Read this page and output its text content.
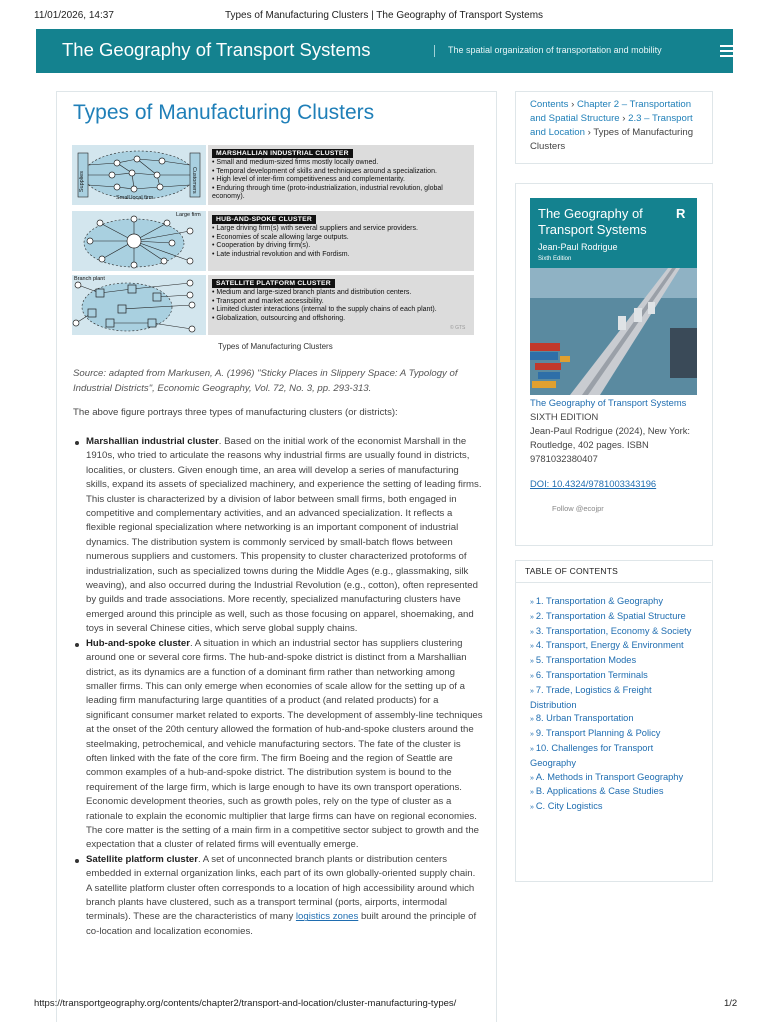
11/01/2026, 14:37	Types of Manufacturing Clusters | The Geography of Transport Systems
The Geography of Transport Systems	The spatial organization of transportation and mobility
Types of Manufacturing Clusters
Supplies	Customers
Small local firm
MARSHALLIAN INDUSTRIAL CLUSTER
• Small and medium-sized firms mostly locally owned.
• Temporal development of skills and techniques around a specialization.
• High level of inter-firm competitiveness and complementarity.
• Enduring through time (proto-industrialization, industrial revolution, global economy).
Large firm
HUB-AND-SPOKE CLUSTER
• Large driving firm(s) with several suppliers and service providers.
• Economies of scale allowing large outputs.
• Cooperation by driving firm(s).
• Late industrial revolution and with Fordism.
Branch plant
SATELLITE PLATFORM CLUSTER
• Medium and large-sized branch plants and distribution centers.
• Transport and market accessibility.
• Limited cluster interactions (internal to the supply chains of each plant).
• Globalization, outsourcing and offshoring.
© GTS
Types of Manufacturing Clusters

Source: adapted from Markusen, A. (1996) "Sticky Places in Slippery Space: A Typology of Industrial Districts", Economic Geography, Vol. 72, No. 3, pp. 293-313.

The above figure portrays three types of manufacturing clusters (or districts):

Marshallian industrial cluster. Based on the initial work of the economist Marshall in the 1910s, who tried to articulate the reasons why industrial firms are usually found in districts, localities, or clusters. Given enough time, an area will develop a series of manufacturing skills, expand its assets of specialized machinery, and experience the setting of leading firms. This cluster is characterized by a division of labor between small firms, both engaged in competitive and complementary activities, and an advanced specialization. It reflects a flexible regional specialization where networking is an important component of industrial dynamics. The distribution system is commonly serviced by small-batch flows between numerous suppliers and customers. This propensity to cluster characterized protoforms of industrialization, such as specialized towns during the Middle Ages (e.g., glassmaking, silk weaving), and also occurred during the Industrial Revolution (e.g., cotton), often represented by guilds and trade associations. More recently, specialized manufacturing clusters have emerged around this principle as well, such as those focusing on apparel, shoemaking, and toys in several Chinese cities, which serve global supply chains.
Hub-and-spoke cluster. A situation in which an industrial sector has suppliers clustering around one or several core firms. The hub-and-spoke district is distinct from a Marshallian district, as its dynamics are a function of a dominant firm rather than networking among smaller firms. This can only emerge when economies of scale allow for the setting up of a leading firm manufacturing large quantities of a product (and related products) for a significant consumer market related to exports. The development of assembly-line techniques at the onset of the 20th century allowed the formation of hub-and-spoke clusters around the steelmaking, petrochemical, and vehicle manufacturing sectors. The fate of the cluster is often linked with the fate of the core firm. The firm Boeing and the region of Seattle are common examples of a hub-and-spoke district. The distribution system is bound to the requirement of the large firm, which is large enough to have its own transport operations. Economic development theories, such as growth poles, rely on the type of cluster as a rationale to explain the economic multiplier that large firms can have on regional economies. The core matter is the setting of a main firm in a competitive sector subject to growth and the expectation that a cluster of related firms will eventually emerge.
Satellite platform cluster. A set of unconnected branch plants or distribution centers embedded in external organization links, each part of its own globally-oriented supply chain. A satellite platform cluster often corresponds to a location of high accessibility around which branch plants have clustered, such as a transport terminal (ports, airports, intermodal terminals). These are the characteristics of many logistics zones built around the principle of co-location and localization economies.

Contents › Chapter 2 – Transportation and Spatial Structure › 2.3 – Transport and Location › Types of Manufacturing Clusters

The Geography of Transport Systems
R
Jean-Paul Rodrigue
Sixth Edition

The Geography of Transport Systems
SIXTH EDITION
Jean-Paul Rodrigue (2024), New York: Routledge, 402 pages. ISBN 9781032380407

DOI: 10.4324/9781003343196
Follow @ecojpr
TABLE OF CONTENTS
» 1. Transportation & Geography
» 2. Transportation & Spatial Structure
» 3. Transportation, Economy & Society
» 4. Transport, Energy & Environment
» 5. Transportation Modes
» 6. Transportation Terminals
» 7. Trade, Logistics & Freight Distribution
» 8. Urban Transportation
» 9. Transport Planning & Policy
» 10. Challenges for Transport Geography
» A. Methods in Transport Geography
» B. Applications & Case Studies
» C. City Logistics
https://transportgeography.org/contents/chapter2/transport-and-location/cluster-manufacturing-types/	1/2
